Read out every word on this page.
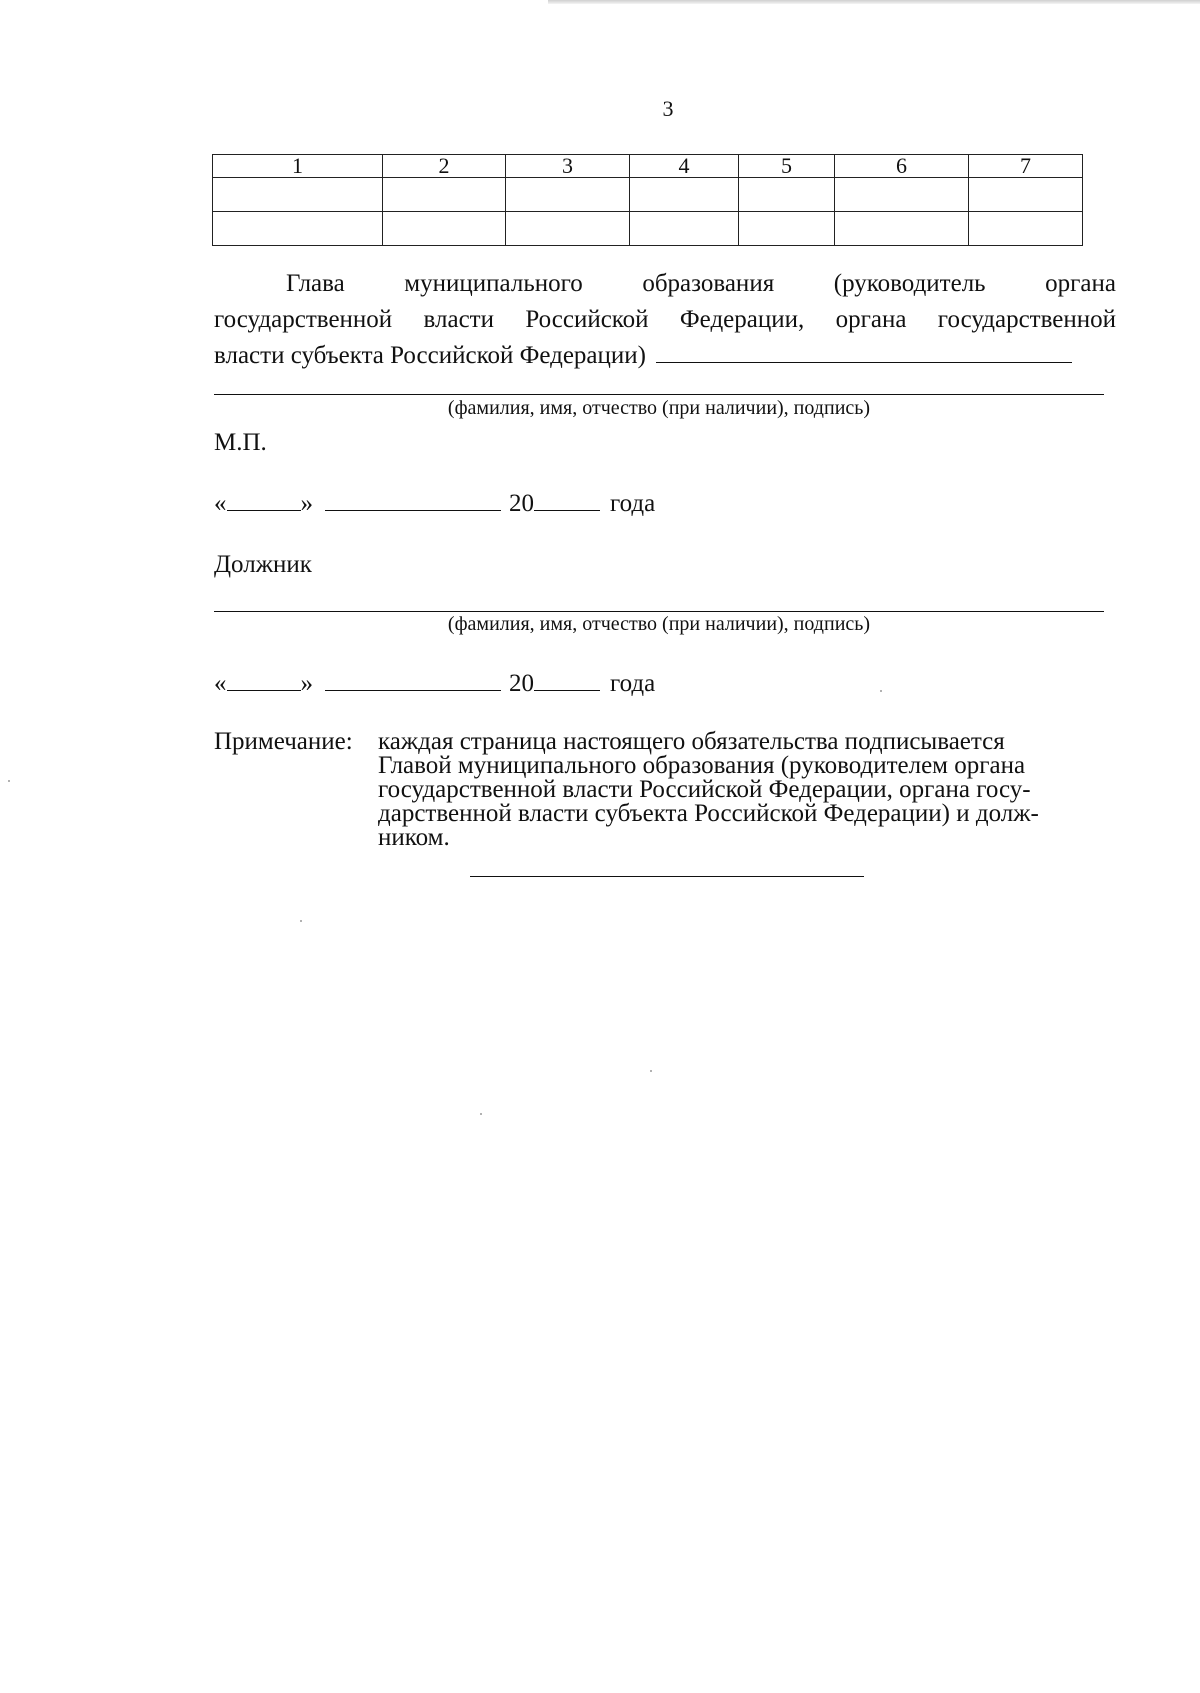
3
1	2	3	4	5	6	7

Глава муниципального образования (руководитель органа
государственной власти Российской Федерации, органа государственной
власти субъекта Российской Федерации)
(фамилия, имя, отчество (при наличии), подпись)
М.П.
«	»	20	года
Должник
(фамилия, имя, отчество (при наличии), подпись)
«	»	20	года
Примечание:	каждая страница настоящего обязательства подписывается
Главой муниципального образования (руководителем органа
государственной власти Российской Федерации, органа госу-
дарственной власти субъекта Российской Федерации) и долж-
ником.
